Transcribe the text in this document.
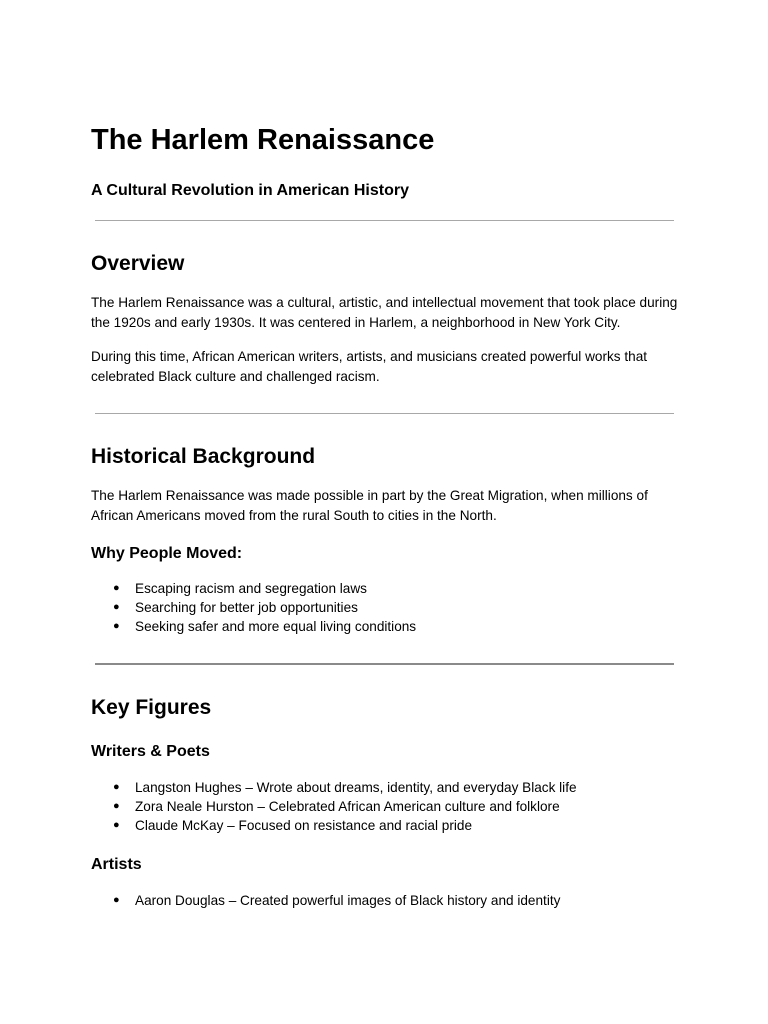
The Harlem Renaissance
A Cultural Revolution in American History
Overview

The Harlem Renaissance was a cultural, artistic, and intellectual movement that took place during the 1920s and early 1930s. It was centered in Harlem, a neighborhood in New York City.

During this time, African American writers, artists, and musicians created powerful works that celebrated Black culture and challenged racism.

Historical Background

The Harlem Renaissance was made possible in part by the Great Migration, when millions of African Americans moved from the rural South to cities in the North.

Why People Moved:
● Escaping racism and segregation laws
● Searching for better job opportunities
● Seeking safer and more equal living conditions
Key Figures
Writers & Poets
● Langston Hughes – Wrote about dreams, identity, and everyday Black life
● Zora Neale Hurston – Celebrated African American culture and folklore
● Claude McKay – Focused on resistance and racial pride
Artists
● Aaron Douglas – Created powerful images of Black history and identity
